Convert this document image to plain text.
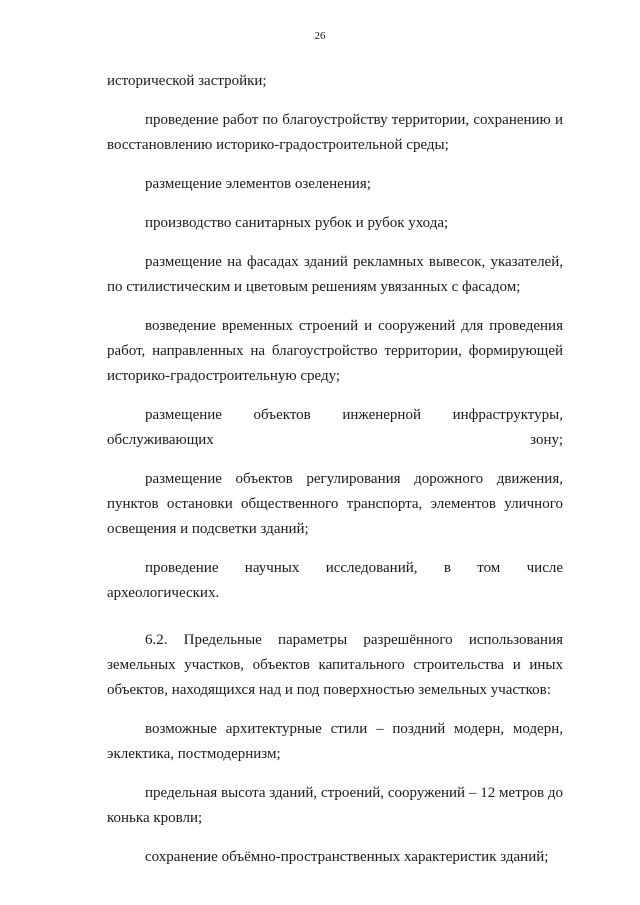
26

исторической застройки;

проведение работ по благоустройству территории, сохранению и восстановлению историко-градостроительной среды;

размещение элементов озеленения;

производство санитарных рубок и рубок ухода;

размещение на фасадах зданий рекламных вывесок, указателей, по стилистическим и цветовым решениям увязанных с фасадом;

возведение временных строений и сооружений для проведения работ, направленных на благоустройство территории, формирующей историко-градостроительную среду;

размещение объектов инженерной инфраструктуры, обслуживающих зону;

размещение объектов регулирования дорожного движения, пунктов остановки общественного транспорта, элементов уличного освещения и подсветки зданий;

проведение научных исследований, в том числе археологических.

6.2. Предельные параметры разрешённого использования земельных участков, объектов капитального строительства и иных объектов, находящихся над и под поверхностью земельных участков:

возможные архитектурные стили – поздний модерн, модерн, эклектика, постмодернизм;

предельная высота зданий, строений, сооружений – 12 метров до конька кровли;

сохранение объёмно-пространственных характеристик зданий;
